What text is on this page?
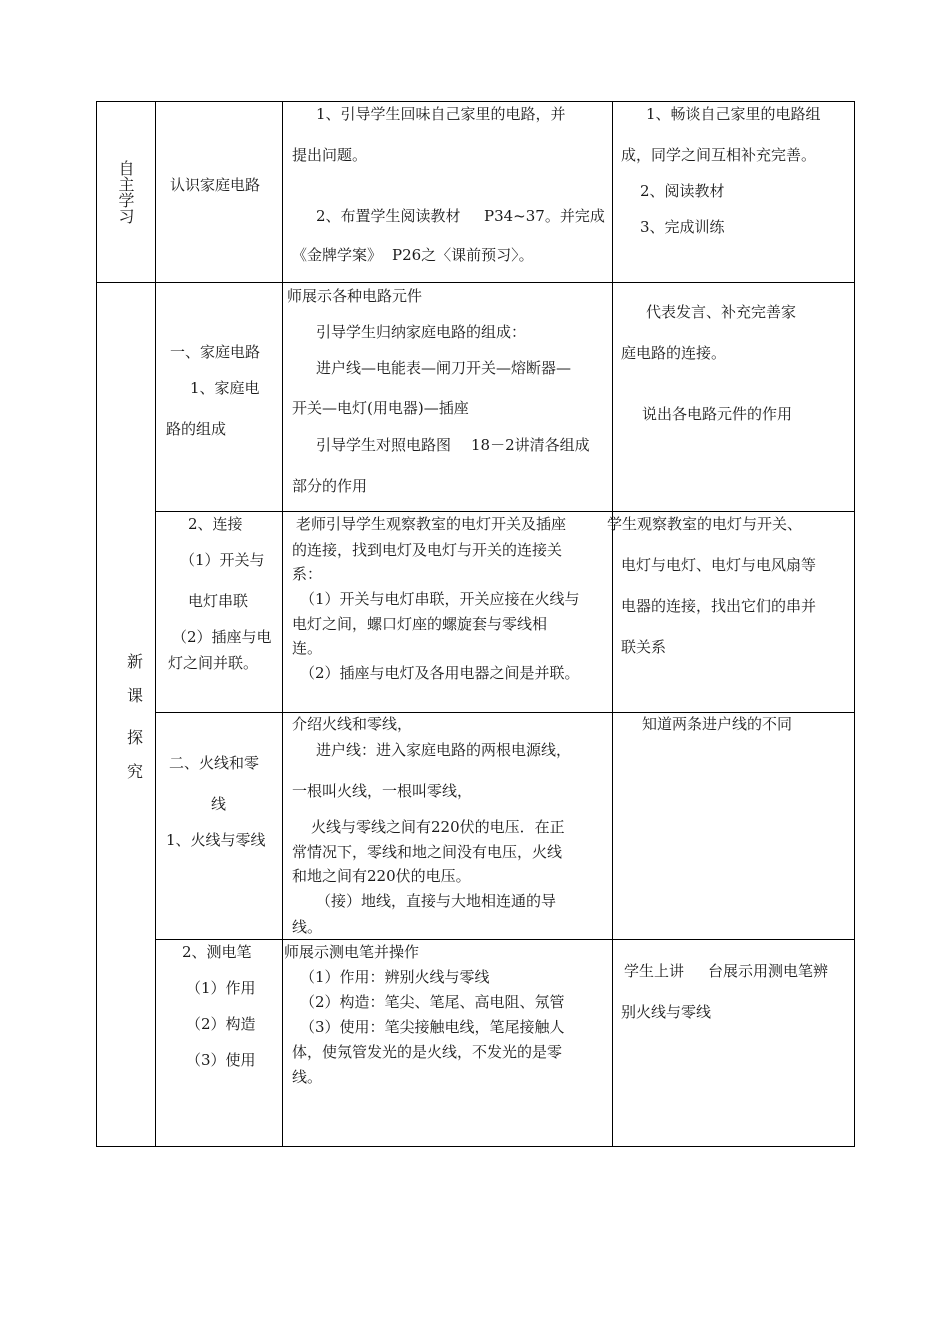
自主学习
新
课
探
究
认识家庭电路
1、引导学生回味自己家里的电路，并
提出问题。
2、布置学生阅读教材 P34~37。并完成
《金牌学案》 P26之〈课前预习〉。
1、畅谈自己家里的电路组
成，同学之间互相补充完善。
2、阅读教材
3、完成训练
一、家庭电路
1、家庭电
路的组成
师展示各种电路元件
引导学生归纳家庭电路的组成：
进户线—电能表—闸刀开关—熔断器—
开关—电灯(用电器)—插座
引导学生对照电路图 18－2讲清各组成
部分的作用
代表发言、补充完善家
庭电路的连接。
说出各电路元件的作用
2、连接
（1）开关与
电灯串联
（2）插座与电
灯之间并联。
老师引导学生观察教室的电灯开关及插座
的连接，找到电灯及电灯与开关的连接关
系：
（1）开关与电灯串联，开关应接在火线与
电灯之间，螺口灯座的螺旋套与零线相
连。
（2）插座与电灯及各用电器之间是并联。
学生观察教室的电灯与开关、
电灯与电灯、电灯与电风扇等
电器的连接，找出它们的串并
联关系
二、火线和零
线
1、火线与零线
介绍火线和零线，
进户线：进入家庭电路的两根电源线，
一根叫火线，一根叫零线，
火线与零线之间有220伏的电压．在正
常情况下，零线和地之间没有电压，火线
和地之间有220伏的电压。
（接）地线，直接与大地相连通的导
线。
知道两条进户线的不同
2、测电笔
（1）作用
（2）构造
（3）使用
师展示测电笔并操作
（1）作用：辨别火线与零线
（2）构造：笔尖、笔尾、高电阻、氖管
（3）使用：笔尖接触电线，笔尾接触人
体，使氖管发光的是火线，不发光的是零
线。
学生上讲 台展示用测电笔辨
别火线与零线
